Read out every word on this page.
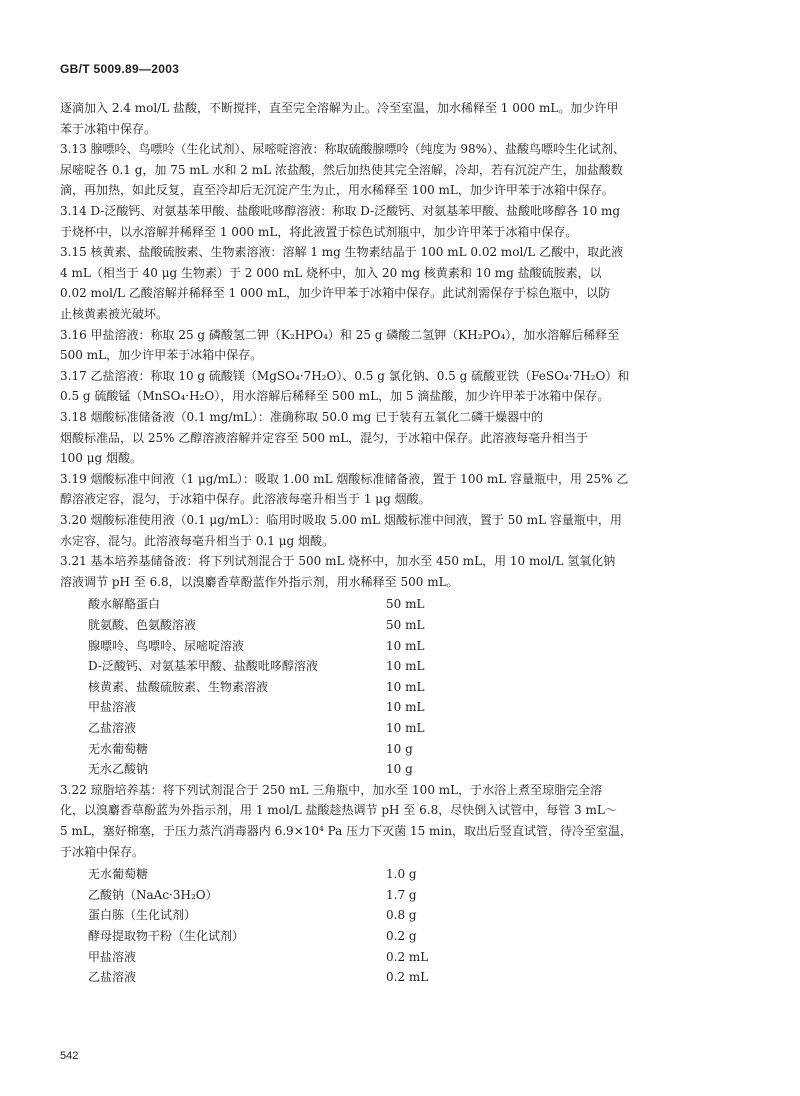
GB/T 5009.89—2003
逐滴加入 2.4 mol/L 盐酸，不断搅拌，直至完全溶解为止。冷至室温，加水稀释至 1 000 mL。加少许甲
苯于冰箱中保存。
3.13 腺嘌呤、鸟嘌呤（生化试剂）、尿嘧啶溶液：称取硫酸腺嘌呤（纯度为 98%）、盐酸鸟嘌呤生化试剂、
尿嘧啶各 0.1 g，加 75 mL 水和 2 mL 浓盐酸，然后加热使其完全溶解，冷却，若有沉淀产生，加盐酸数
滴，再加热，如此反复，直至冷却后无沉淀产生为止，用水稀释至 100 mL，加少许甲苯于冰箱中保存。
3.14 D-泛酸钙、对氨基苯甲酸、盐酸吡哆醇溶液：称取 D-泛酸钙、对氨基苯甲酸、盐酸吡哆醇各 10 mg
于烧杯中，以水溶解并稀释至 1 000 mL，将此液置于棕色试剂瓶中，加少许甲苯于冰箱中保存。
3.15 核黄素、盐酸硫胺素、生物素溶液：溶解 1 mg 生物素结晶于 100 mL 0.02 mol/L 乙酸中，取此液
4 mL（相当于 40 μg 生物素）于 2 000 mL 烧杯中，加入 20 mg 核黄素和 10 mg 盐酸硫胺素，以
0.02 mol/L 乙酸溶解并稀释至 1 000 mL，加少许甲苯于冰箱中保存。此试剂需保存于棕色瓶中，以防
止核黄素被光破坏。
3.16 甲盐溶液：称取 25 g 磷酸氢二钾（K₂HPO₄）和 25 g 磷酸二氢钾（KH₂PO₄），加水溶解后稀释至
500 mL，加少许甲苯于冰箱中保存。
3.17 乙盐溶液：称取 10 g 硫酸镁（MgSO₄·7H₂O）、0.5 g 氯化钠、0.5 g 硫酸亚铁（FeSO₄·7H₂O）和
0.5 g 硫酸锰（MnSO₄·H₂O），用水溶解后稀释至 500 mL，加 5 滴盐酸，加少许甲苯于冰箱中保存。
3.18 烟酸标准储备液（0.1 mg/mL）：准确称取 50.0 mg 已于装有五氧化二磷干燥器中的
烟酸标准品，以 25% 乙醇溶液溶解并定容至 500 mL，混匀，于冰箱中保存。此溶液每毫升相当于
100 μg 烟酸。
3.19 烟酸标准中间液（1 μg/mL）：吸取 1.00 mL 烟酸标准储备液，置于 100 mL 容量瓶中，用 25% 乙
醇溶液定容，混匀，于冰箱中保存。此溶液每毫升相当于 1 μg 烟酸。
3.20 烟酸标准使用液（0.1 μg/mL）：临用时吸取 5.00 mL 烟酸标准中间液，置于 50 mL 容量瓶中，用
水定容，混匀。此溶液每毫升相当于 0.1 μg 烟酸。
3.21 基本培养基储备液：将下列试剂混合于 500 mL 烧杯中，加水至 450 mL，用 10 mol/L 氢氧化钠
溶液调节 pH 至 6.8，以溴麝香草酚蓝作外指示剂，用水稀释至 500 mL。
酸水解酪蛋白	50 mL
胱氨酸、色氨酸溶液	50 mL
腺嘌呤、鸟嘌呤、尿嘧啶溶液	10 mL
D-泛酸钙、对氨基苯甲酸、盐酸吡哆醇溶液	10 mL
核黄素、盐酸硫胺素、生物素溶液	10 mL
甲盐溶液	10 mL
乙盐溶液	10 mL
无水葡萄糖	10 g
无水乙酸钠	10 g
3.22 琼脂培养基：将下列试剂混合于 250 mL 三角瓶中，加水至 100 mL，于水浴上煮至琼脂完全溶
化，以溴麝香草酚蓝为外指示剂，用 1 mol/L 盐酸趁热调节 pH 至 6.8，尽快倒入试管中，每管 3 mL～
5 mL，塞好棉塞，于压力蒸汽消毒器内 6.9×10⁴ Pa 压力下灭菌 15 min，取出后竖直试管，待冷至室温，
于冰箱中保存。
无水葡萄糖	1.0 g
乙酸钠（NaAc·3H₂O）	1.7 g
蛋白胨（生化试剂）	0.8 g
酵母提取物干粉（生化试剂）	0.2 g
甲盐溶液	0.2 mL
乙盐溶液	0.2 mL
542
